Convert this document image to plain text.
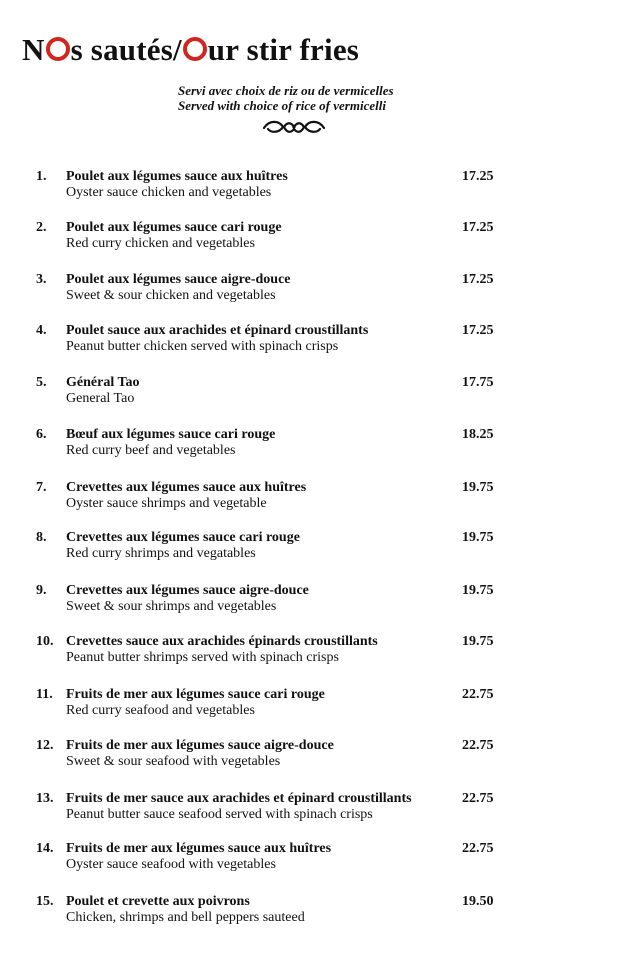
N s sautés/ ur stir fries
Servi avec choix de riz ou de vermicelles
Served with choice of rice of vermicelli
1.	Poulet aux légumes sauce aux huîtres
Oyster sauce chicken and vegetables
17.25
2.	Poulet aux légumes sauce cari rouge
Red curry chicken and vegetables
17.25
3.	Poulet aux légumes sauce aigre-douce
Sweet & sour chicken and vegetables
17.25
4.	Poulet sauce aux arachides et épinard croustillants
Peanut butter chicken served with spinach crisps
17.25
5.	Général Tao
General Tao
17.75
6.	Bœuf aux légumes sauce cari rouge
Red curry beef and vegetables
18.25
7.	Crevettes aux légumes sauce aux huîtres
Oyster sauce shrimps and vegetable
19.75
8.	Crevettes aux légumes sauce cari rouge
Red curry shrimps and vegatables
19.75
9.	Crevettes aux légumes sauce aigre-douce
Sweet & sour shrimps and vegetables
19.75
10. Crevettes sauce aux arachides épinards croustillants
Peanut butter shrimps served with spinach crisps
19.75
11. Fruits de mer aux légumes sauce cari rouge
Red curry seafood and vegetables
22.75
12. Fruits de mer aux légumes sauce aigre-douce
Sweet & sour seafood with vegetables
22.75
13. Fruits de mer sauce aux arachides et épinard croustillants
Peanut butter sauce seafood served with spinach crisps
22.75
14. Fruits de mer aux légumes sauce aux huîtres
Oyster sauce seafood with vegetables
22.75
15. Poulet et crevette aux poivrons
Chicken, shrimps and bell peppers sauteed
19.50
